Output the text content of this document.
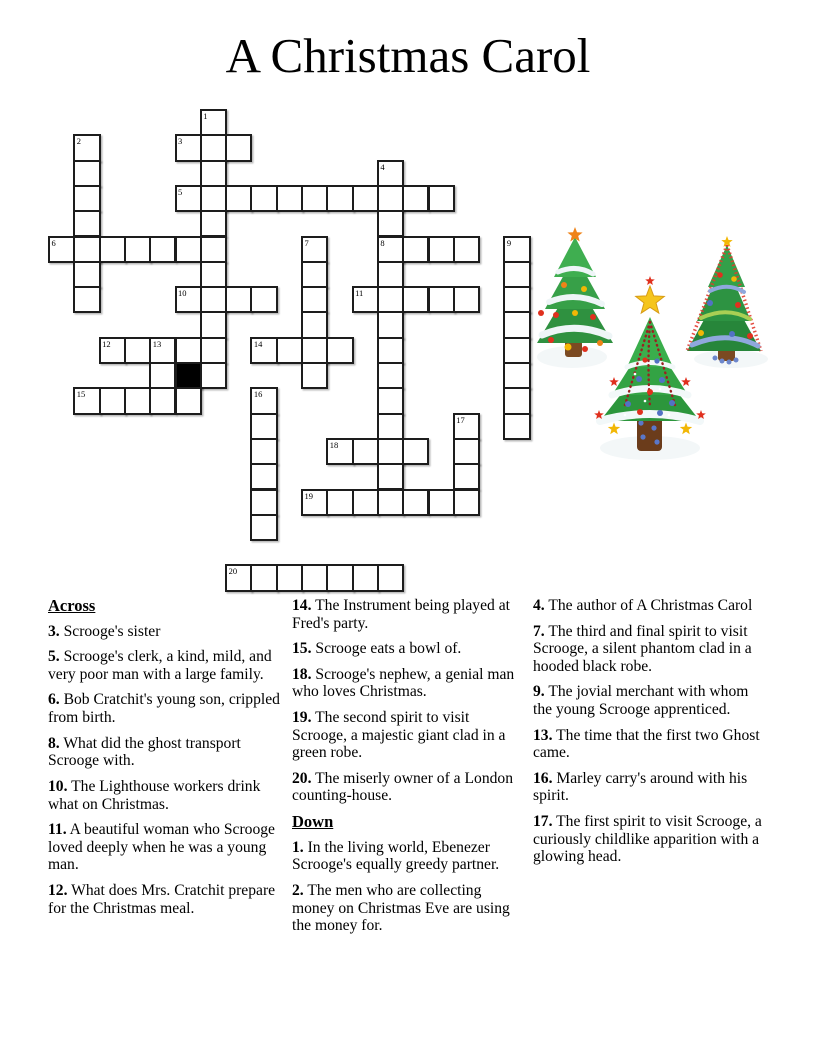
A Christmas Carol
1
2	3
4
5
6	7	8	9
10	11
12	13	14
15	16
17
18
19
20
Across

3. Scrooge's sister

5. Scrooge's clerk, a kind, mild, and very poor man with a large family.

6. Bob Cratchit's young son, crippled from birth.

8. What did the ghost transport Scrooge with.

10. The Lighthouse workers drink what on Christmas.

11. A beautiful woman who Scrooge loved deeply when he was a young man.

12. What does Mrs. Cratchit prepare for the Christmas meal.

14. The Instrument being played at Fred's party.

15. Scrooge eats a bowl of.

18. Scrooge's nephew, a genial man who loves Christmas.

19. The second spirit to visit Scrooge, a majestic giant clad in a green robe.

20. The miserly owner of a London counting-house.

Down

1. In the living world, Ebenezer Scrooge's equally greedy partner.

2. The men who are collecting money on Christmas Eve are using the money for.

4. The author of A Christmas Carol

7. The third and final spirit to visit Scrooge, a silent phantom clad in a hooded black robe.

9. The jovial merchant with whom the young Scrooge apprenticed.

13. The time that the first two Ghost came.

16. Marley carry's around with his spirit.

17. The first spirit to visit Scrooge, a curiously childlike apparition with a glowing head.
